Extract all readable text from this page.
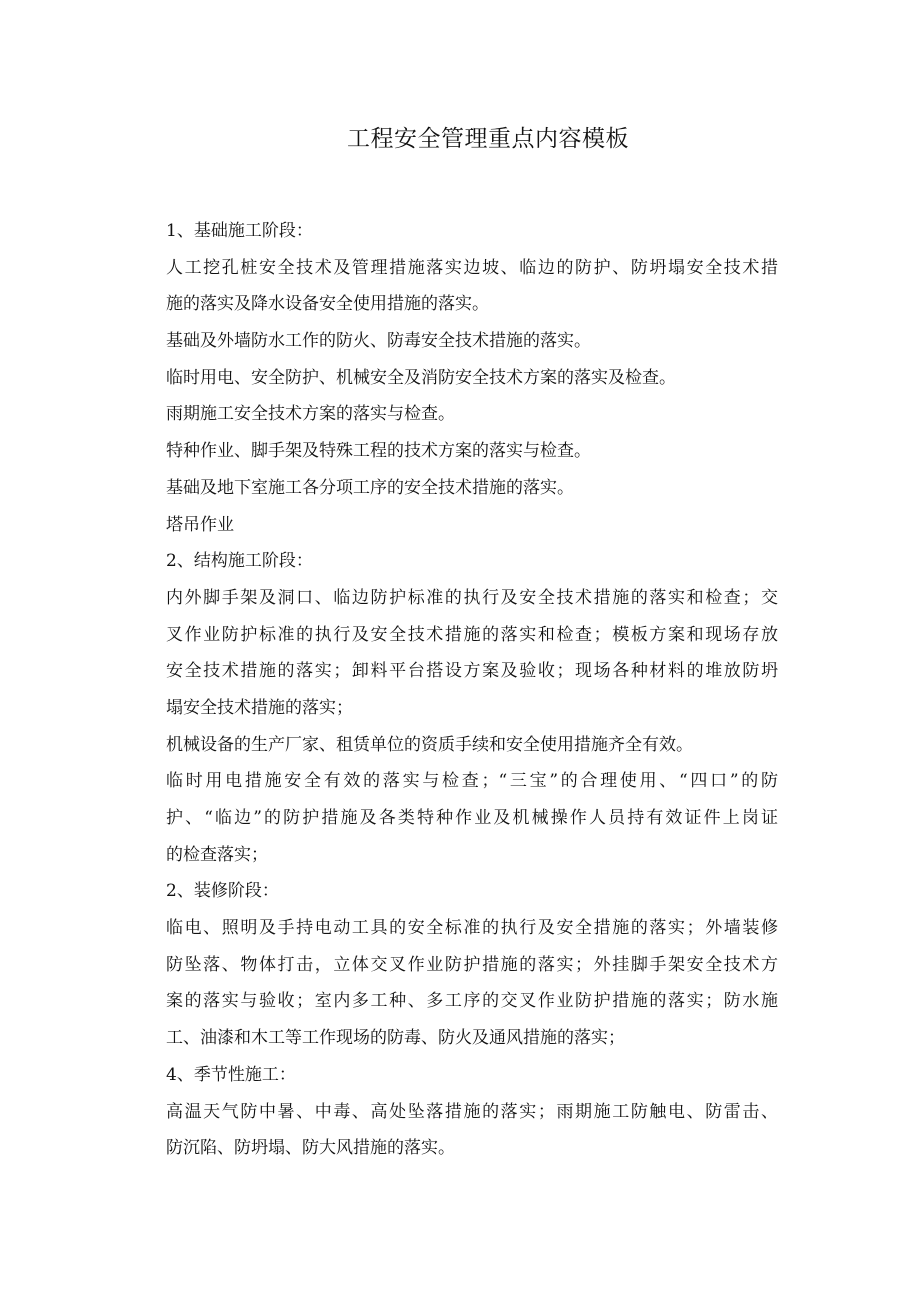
工程安全管理重点内容模板
1、基础施工阶段：
人工挖孔桩安全技术及管理措施落实边坡、临边的防护、防坍塌安全技术措
施的落实及降水设备安全使用措施的落实。
基础及外墙防水工作的防火、防毒安全技术措施的落实。
临时用电、安全防护、机械安全及消防安全技术方案的落实及检查。
雨期施工安全技术方案的落实与检查。
特种作业、脚手架及特殊工程的技术方案的落实与检查。
基础及地下室施工各分项工序的安全技术措施的落实。
塔吊作业
2、结构施工阶段：
内外脚手架及洞口、临边防护标准的执行及安全技术措施的落实和检查；交
叉作业防护标准的执行及安全技术措施的落实和检查；模板方案和现场存放
安全技术措施的落实；卸料平台搭设方案及验收；现场各种材料的堆放防坍
塌安全技术措施的落实；
机械设备的生产厂家、租赁单位的资质手续和安全使用措施齐全有效。
临时用电措施安全有效的落实与检查；“三宝”的合理使用、“四口”的防
护、“临边”的防护措施及各类特种作业及机械操作人员持有效证件上岗证
的检查落实；
2、装修阶段：
临电、照明及手持电动工具的安全标准的执行及安全措施的落实；外墙装修
防坠落、物体打击，立体交叉作业防护措施的落实；外挂脚手架安全技术方
案的落实与验收；室内多工种、多工序的交叉作业防护措施的落实；防水施
工、油漆和木工等工作现场的防毒、防火及通风措施的落实；
4、季节性施工：
高温天气防中暑、中毒、高处坠落措施的落实；雨期施工防触电、防雷击、
防沉陷、防坍塌、防大风措施的落实。
